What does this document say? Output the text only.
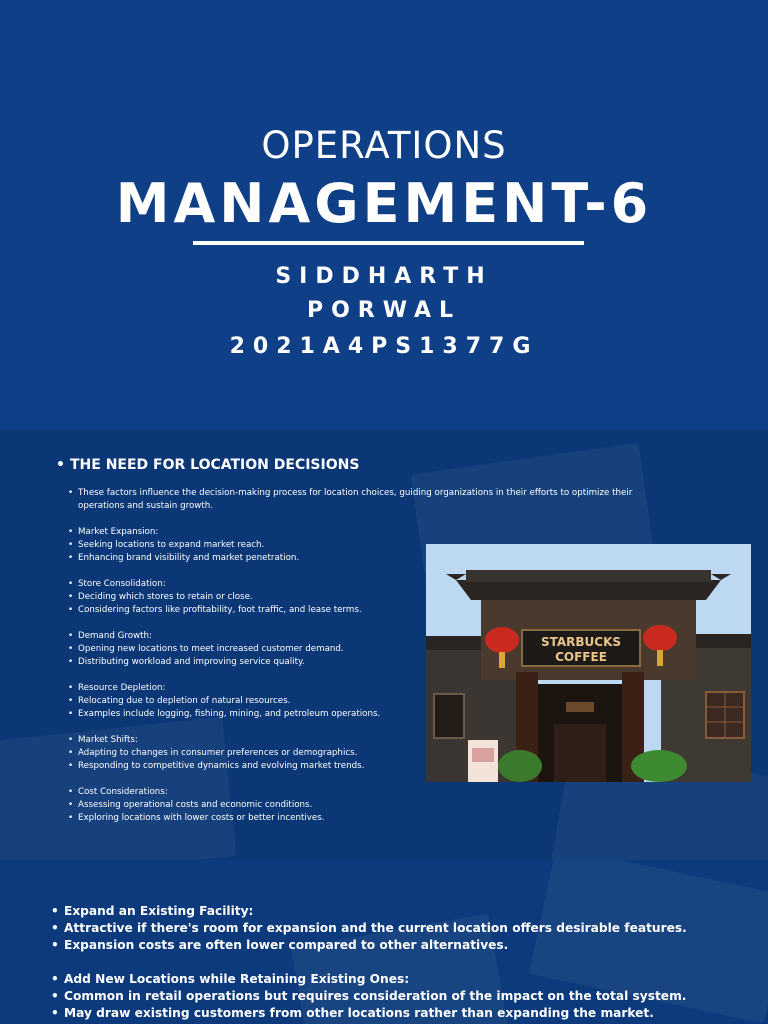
OPERATIONS
MANAGEMENT-6
SIDDHARTH
PORWAL
2021A4PS1377G
• THE NEED FOR LOCATION DECISIONS
• These factors influence the decision-making process for location choices, guiding organizations in their efforts to optimize their operations and sustain growth.
• Market Expansion:
• Seeking locations to expand market reach.
• Enhancing brand visibility and market penetration.
• Store Consolidation:
• Deciding which stores to retain or close.
• Considering factors like profitability, foot traffic, and lease terms.
• Demand Growth:
• Opening new locations to meet increased customer demand.
• Distributing workload and improving service quality.
• Resource Depletion:
• Relocating due to depletion of natural resources.
• Examples include logging, fishing, mining, and petroleum operations.
• Market Shifts:
• Adapting to changes in consumer preferences or demographics.
• Responding to competitive dynamics and evolving market trends.
• Cost Considerations:
• Assessing operational costs and economic conditions.
• Exploring locations with lower costs or better incentives.
STARBUCKS
COFFEE
• Expand an Existing Facility:
• Attractive if there's room for expansion and the current location offers desirable features.
• Expansion costs are often lower compared to other alternatives.
• Add New Locations while Retaining Existing Ones:
• Common in retail operations but requires consideration of the impact on the total system.
• May draw existing customers from other locations rather than expanding the market.
